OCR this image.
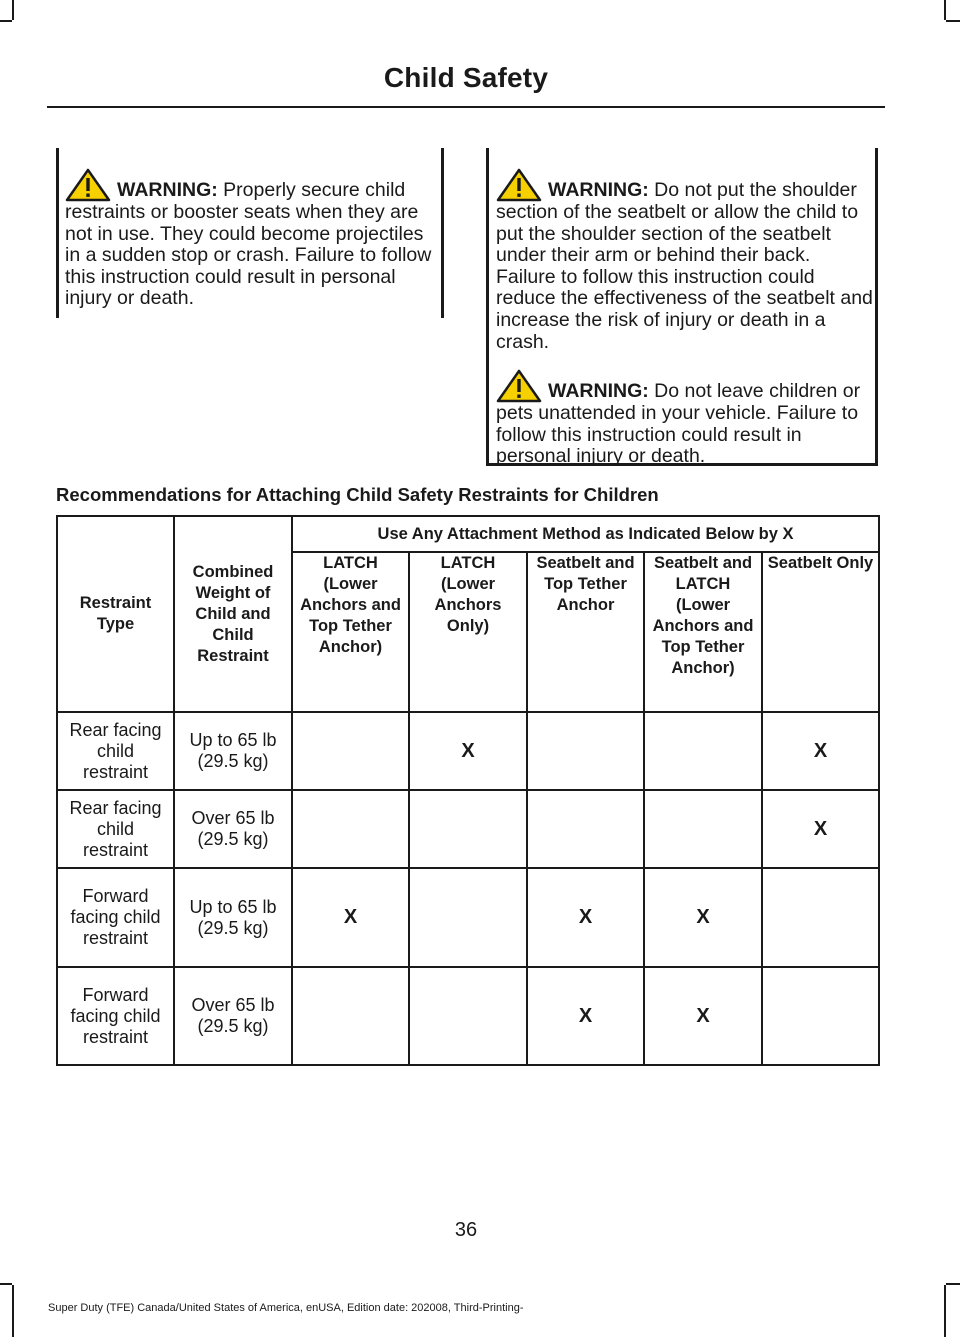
Child Safety
WARNING: Properly secure child restraints or booster seats when they are not in use. They could become projectiles in a sudden stop or crash. Failure to follow this instruction could result in personal injury or death.
WARNING: Do not put the shoulder section of the seatbelt or allow the child to put the shoulder section of the seatbelt under their arm or behind their back. Failure to follow this instruction could reduce the effectiveness of the seatbelt and increase the risk of injury or death in a crash.
WARNING: Do not leave children or pets unattended in your vehicle. Failure to follow this instruction could result in personal injury or death.
Recommendations for Attaching Child Safety Restraints for Children
Restraint Type	Combined Weight of Child and Child Restraint	Use Any Attachment Method as Indicated Below by X				
		LATCH (Lower Anchors and Top Tether Anchor)	LATCH (Lower Anchors Only)	Seatbelt and Top Tether Anchor	Seatbelt and LATCH (Lower Anchors and Top Tether Anchor)	Seatbelt Only
Rear facing child restraint	Up to 65 lb (29.5 kg)		X			X
Rear facing child restraint	Over 65 lb (29.5 kg)					X
Forward facing child restraint	Up to 65 lb (29.5 kg)	X		X	X	
Forward facing child restraint	Over 65 lb (29.5 kg)			X	X	
36
Super Duty (TFE) Canada/United States of America, enUSA, Edition date: 202008, Third-Printing-
